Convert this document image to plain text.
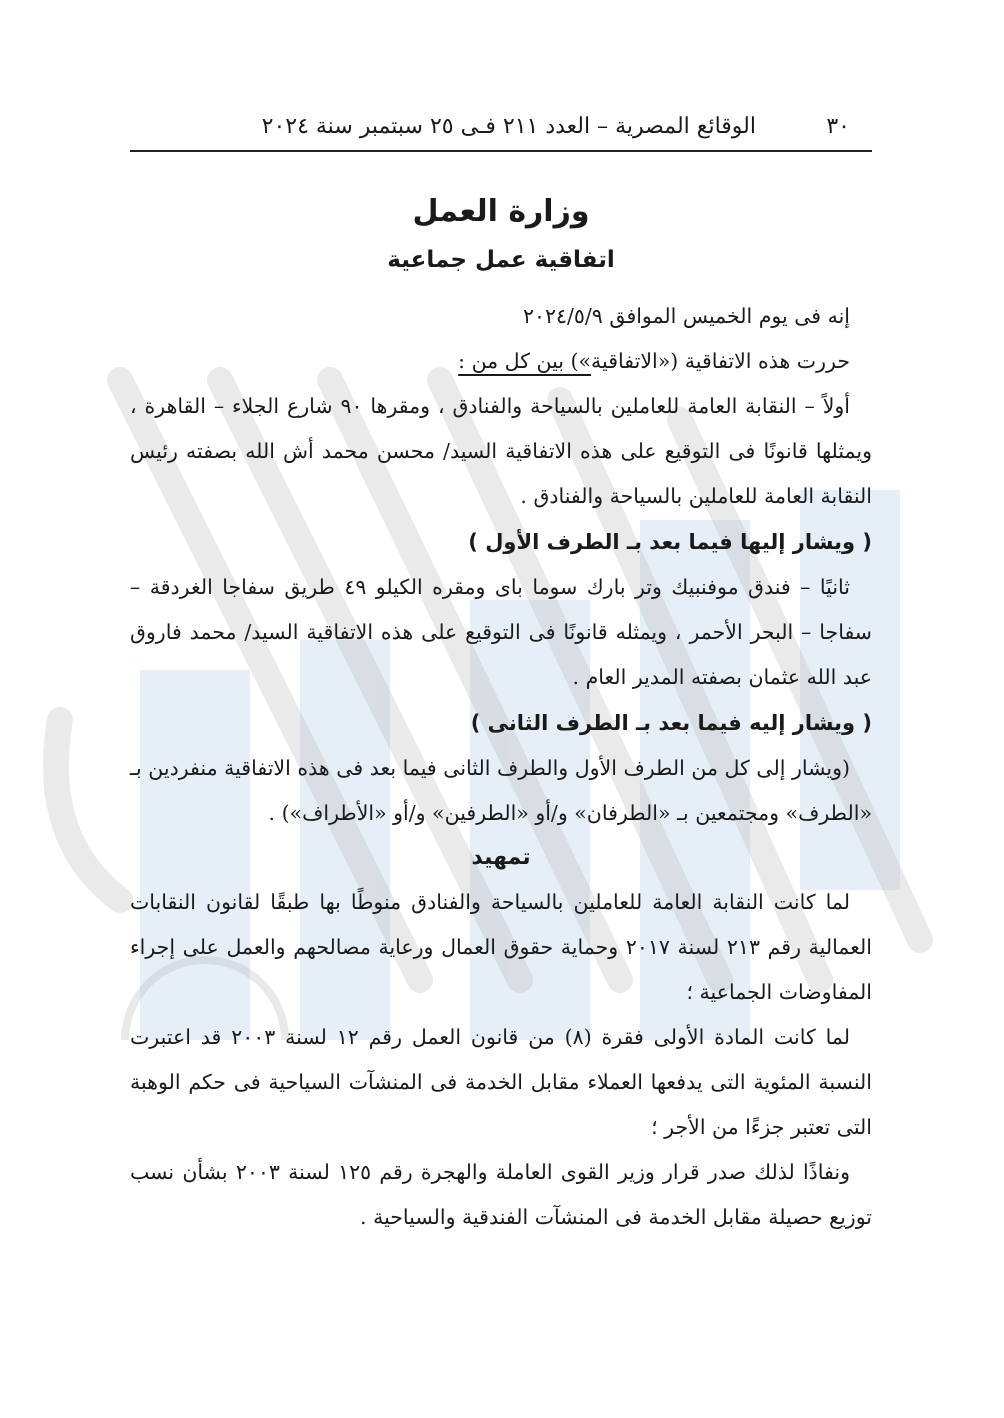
٣٠
الوقائع المصرية – العدد ٢١١ فـى ٢٥ سبتمبر سنة ٢٠٢٤
وزارة العمل
اتفاقية عمل جماعية

إنه فى يوم الخميس الموافق ٢٠٢٤/٥/٩

حررت هذه الاتفاقية («الاتفاقية») بين كل من :

أولاً – النقابة العامة للعاملين بالسياحة والفنادق ، ومقرها ٩٠ شارع الجلاء – القاهرة ، ويمثلها قانونًا فى التوقيع على هذه الاتفاقية السيد/ محسن محمد أش الله بصفته رئيس النقابة العامة للعاملين بالسياحة والفنادق .

( ويشار إليها فيما بعد بـ الطرف الأول )

ثانيًا – فندق موفنبيك وتر بارك سوما باى ومقره الكيلو ٤٩ طريق سفاجا الغردقة – سفاجا – البحر الأحمر ، ويمثله قانونًا فى التوقيع على هذه الاتفاقية السيد/ محمد فاروق عبد الله عثمان بصفته المدير العام .

( ويشار إليه فيما بعد بـ الطرف الثانى )

(ويشار إلى كل من الطرف الأول والطرف الثانى فيما بعد فى هذه الاتفاقية منفردين بـ «الطرف» ومجتمعين بـ «الطرفان» و/أو «الطرفين» و/أو «الأطراف») .

تمهيد

لما كانت النقابة العامة للعاملين بالسياحة والفنادق منوطًا بها طبقًا لقانون النقابات العمالية رقم ٢١٣ لسنة ٢٠١٧ وحماية حقوق العمال ورعاية مصالحهم والعمل على إجراء المفاوضات الجماعية ؛

لما كانت المادة الأولى فقرة (٨) من قانون العمل رقم ١٢ لسنة ٢٠٠٣ قد اعتبرت النسبة المئوية التى يدفعها العملاء مقابل الخدمة فى المنشآت السياحية فى حكم الوهبة التى تعتبر جزءًا من الأجر ؛

ونفاذًا لذلك صدر قرار وزير القوى العاملة والهجرة رقم ١٢٥ لسنة ٢٠٠٣ بشأن نسب توزيع حصيلة مقابل الخدمة فى المنشآت الفندقية والسياحية .
